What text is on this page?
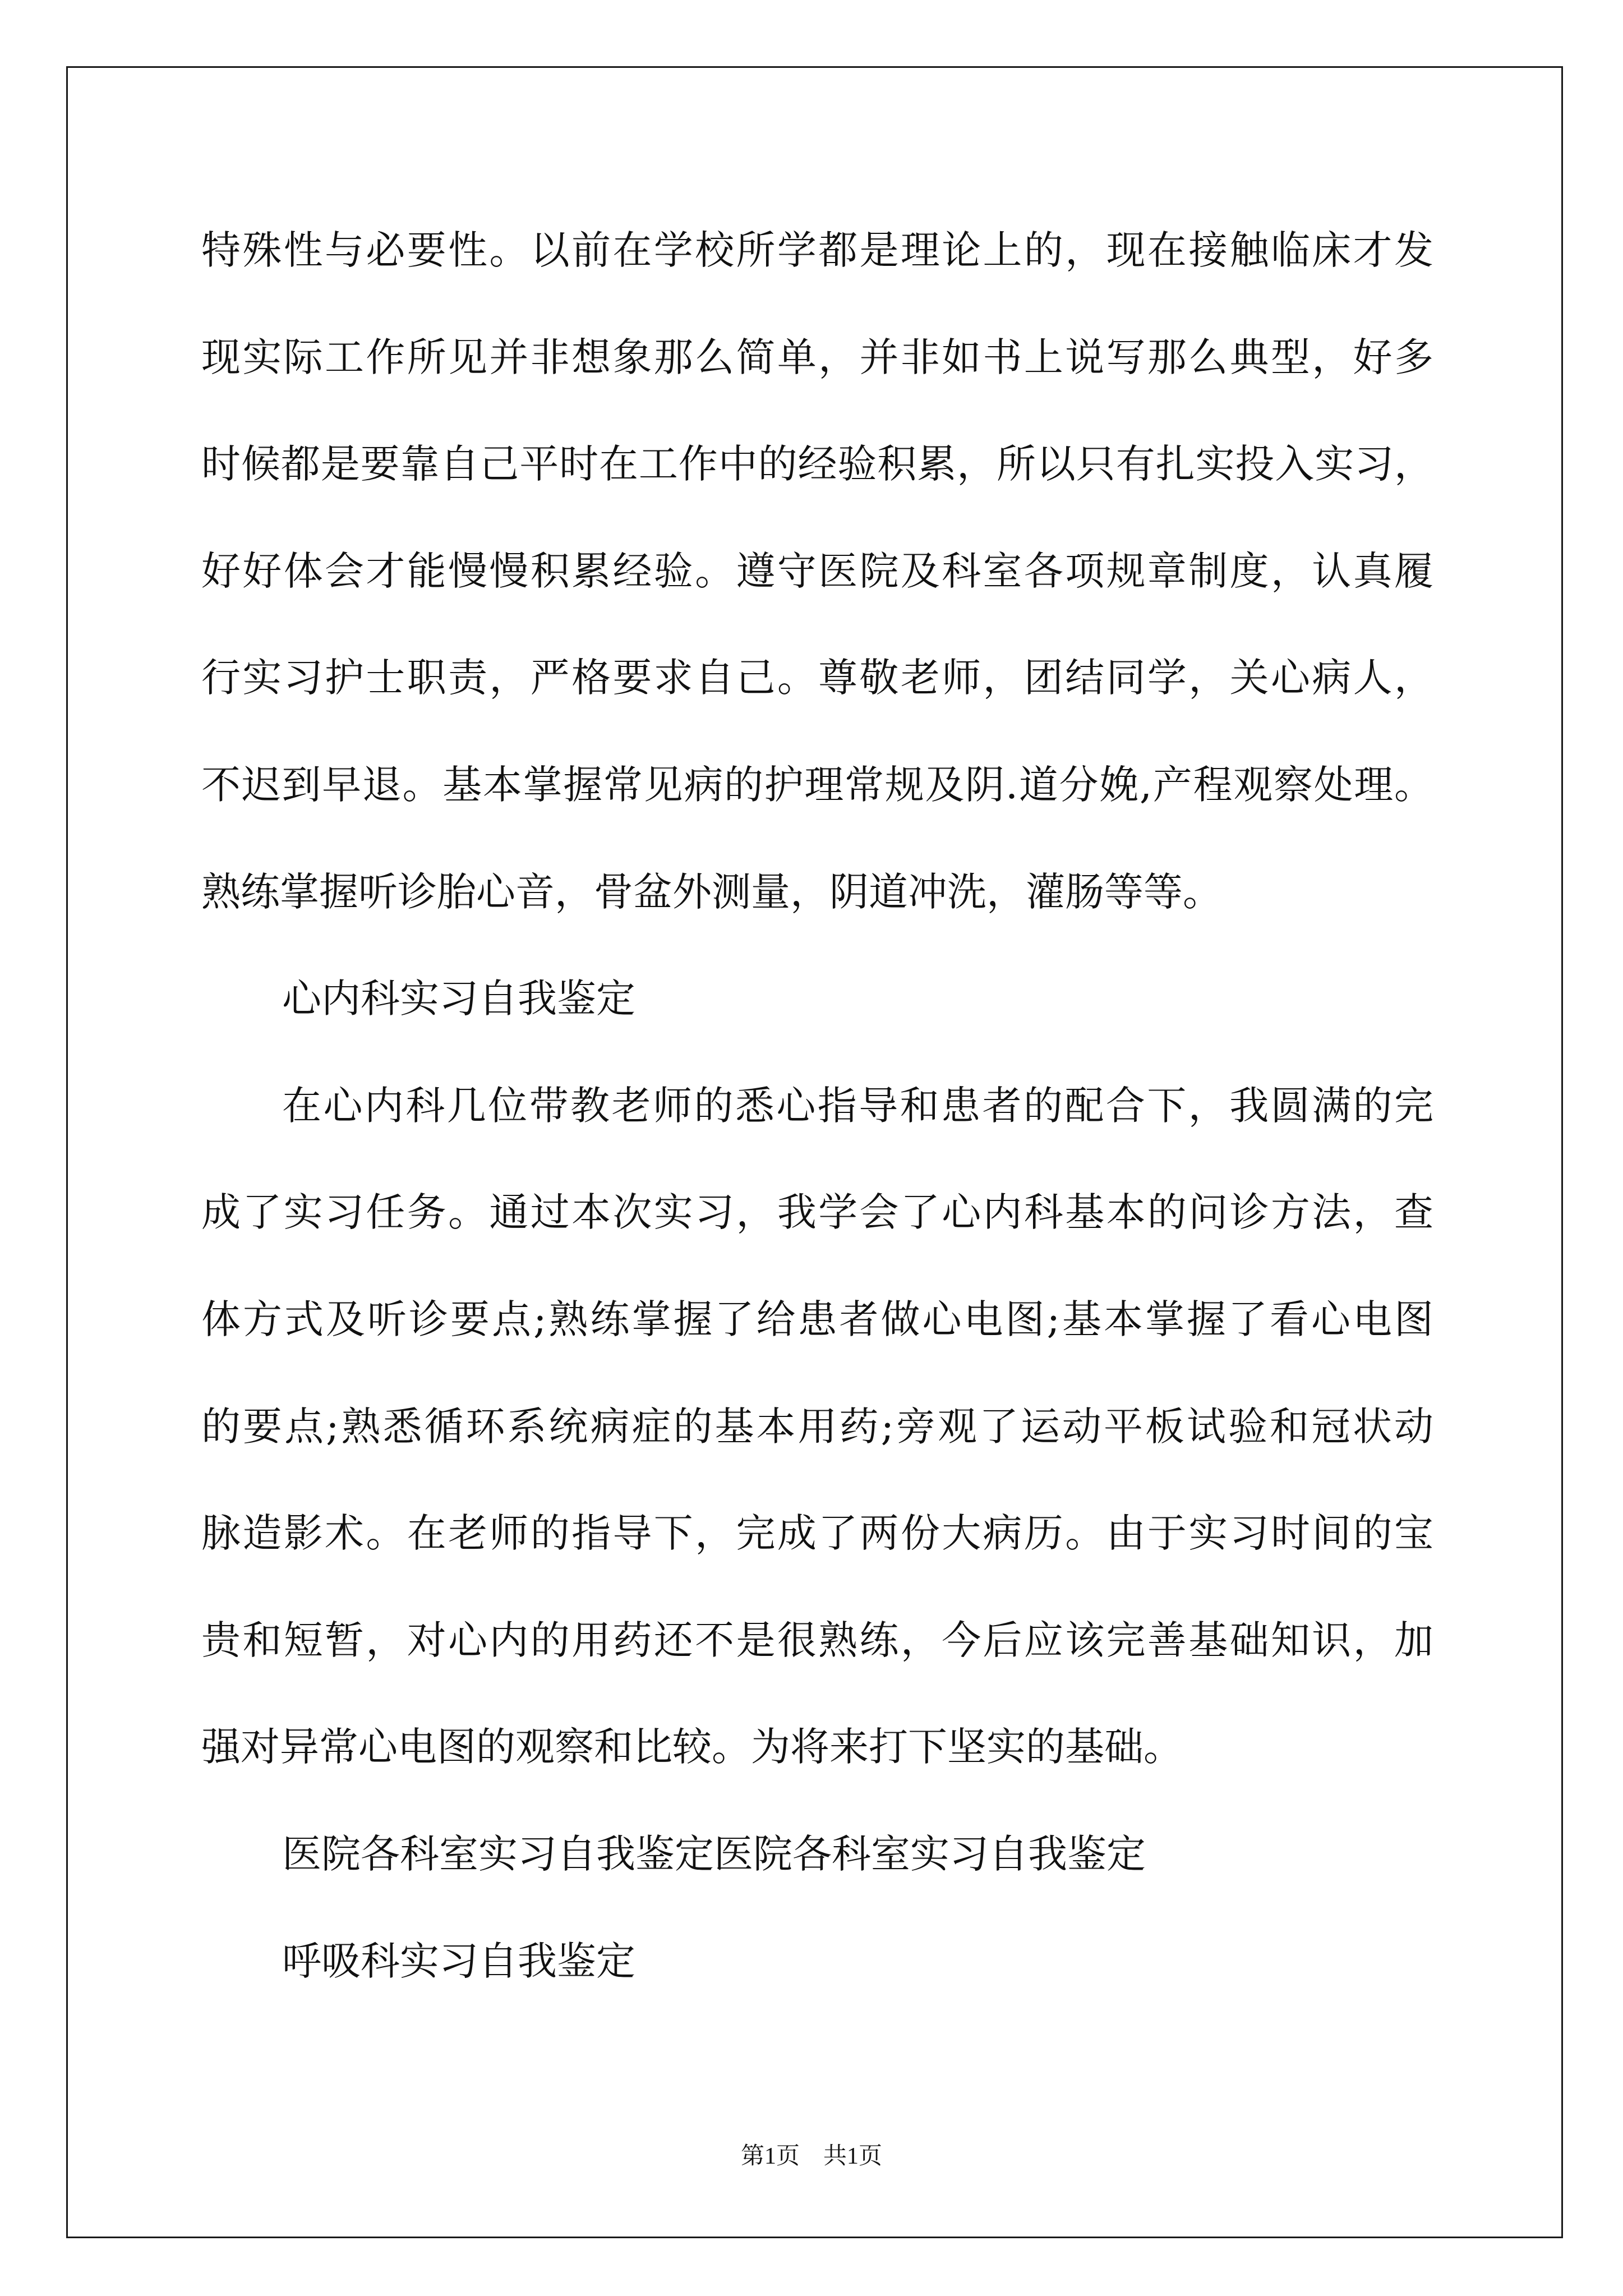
特殊性与必要性。以前在学校所学都是理论上的，现在接触临床才发
现实际工作所见并非想象那么简单，并非如书上说写那么典型，好多
时候都是要靠自己平时在工作中的经验积累，所以只有扎实投入实习，
好好体会才能慢慢积累经验。遵守医院及科室各项规章制度，认真履
行实习护士职责，严格要求自己。尊敬老师，团结同学，关心病人，
不迟到早退。基本掌握常见病的护理常规及阴.道分娩,产程观察处理。
熟练掌握听诊胎心音，骨盆外测量，阴道冲洗，灌肠等等。
心内科实习自我鉴定
在心内科几位带教老师的悉心指导和患者的配合下，我圆满的完
成了实习任务。通过本次实习，我学会了心内科基本的问诊方法，查
体方式及听诊要点;熟练掌握了给患者做心电图;基本掌握了看心电图
的要点;熟悉循环系统病症的基本用药;旁观了运动平板试验和冠状动
脉造影术。在老师的指导下，完成了两份大病历。由于实习时间的宝
贵和短暂，对心内的用药还不是很熟练，今后应该完善基础知识，加
强对异常心电图的观察和比较。为将来打下坚实的基础。
医院各科室实习自我鉴定医院各科室实习自我鉴定
呼吸科实习自我鉴定
第1页　共1页
